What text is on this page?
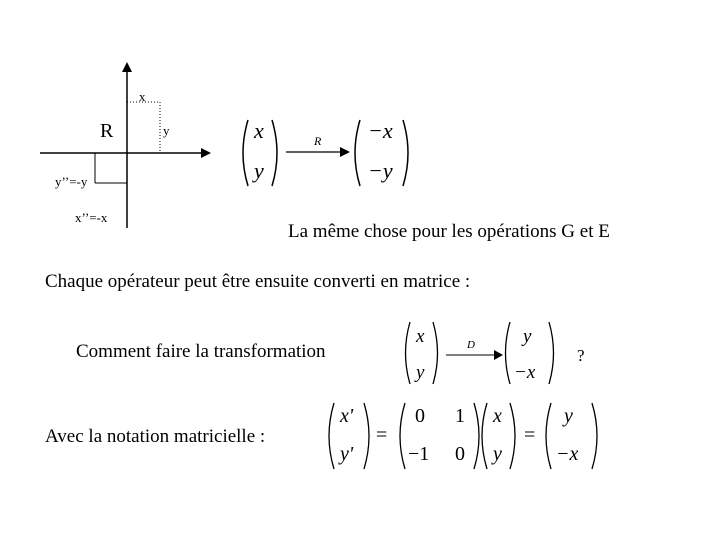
x
y
R
y’’=-y
x’’=-x
x
y
R −x
−y
La même chose pour les opérations G et E
Chaque opérateur peut être ensuite converti en matrice :
Comment faire la transformation
x
y
D	y
−x
?
Avec la notation matricielle :
x'
y'
=
0 1
−1 0
x
y
=
y
−x
